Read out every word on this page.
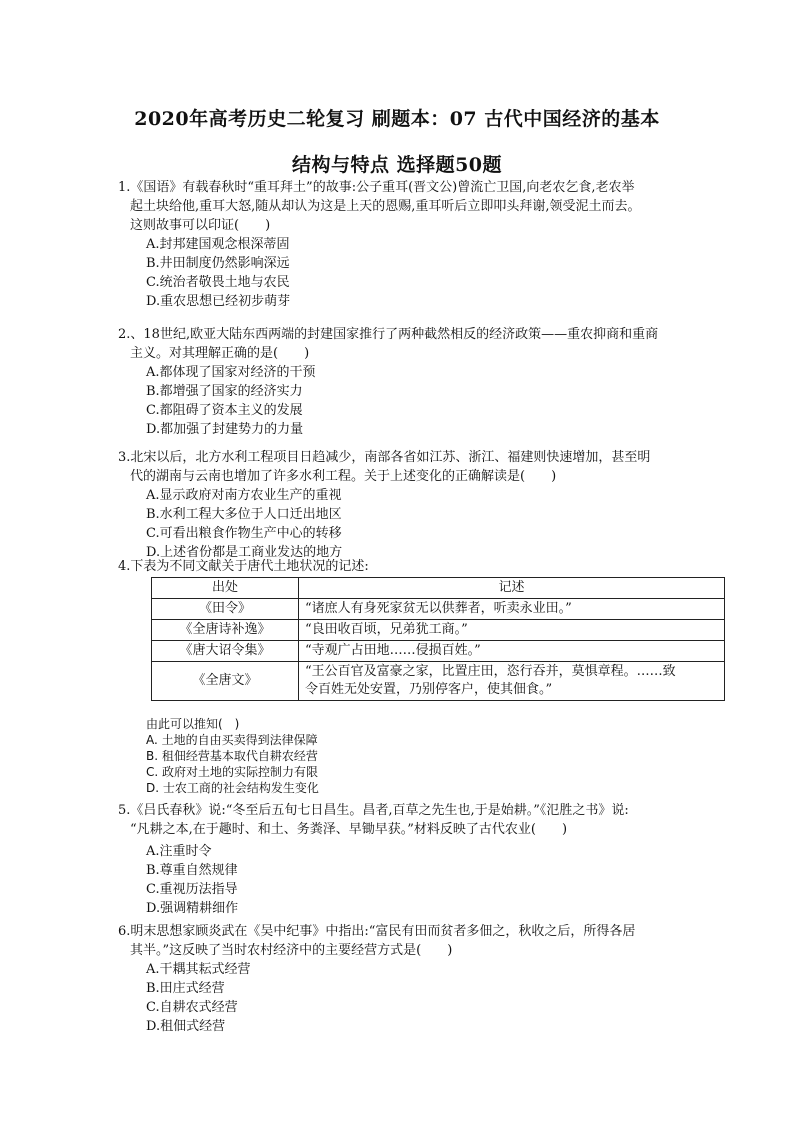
2020年高考历史二轮复习 刷题本：07 古代中国经济的基本
结构与特点 选择题50题

1.《国语》有载春秋时“重耳拜土”的故事:公子重耳(晋文公)曾流亡卫国,向老农乞食,老农举

起土块给他,重耳大怒,随从却认为这是上天的恩赐,重耳听后立即叩头拜谢,领受泥土而去。

这则故事可以印证(　　)

A.封邦建国观念根深蒂固

B.井田制度仍然影响深远

C.统治者敬畏土地与农民

D.重农思想已经初步萌芽

2.、18世纪,欧亚大陆东西两端的封建国家推行了两种截然相反的经济政策——重农抑商和重商

主义。对其理解正确的是(　　)

A.都体现了国家对经济的干预

B.都增强了国家的经济实力

C.都阻碍了资本主义的发展

D.都加强了封建势力的力量

3.北宋以后，北方水利工程项目日趋减少，南部各省如江苏、浙江、福建则快速增加，甚至明

代的湖南与云南也增加了许多水利工程。关于上述变化的正确解读是(　　)

A.显示政府对南方农业生产的重视

B.水利工程大多位于人口迁出地区

C.可看出粮食作物生产中心的转移

D.上述省份都是工商业发达的地方

4.下表为不同文献关于唐代土地状况的记述:
出处	记述
《田令》	“诸庶人有身死家贫无以供葬者，听卖永业田。”
《全唐诗补逸》	“良田收百顷，兄弟犹工商。”
《唐大诏令集》	“寺观广占田地……侵损百姓。”
《全唐文》	“王公百官及富豪之家，比置庄田，恣行吞并，莫惧章程。……致
令百姓无处安置，乃别停客户，使其佃食。”

由此可以推知(　)

A. 土地的自由买卖得到法律保障

B. 租佃经营基本取代自耕农经营

C. 政府对土地的实际控制力有限

D. 士农工商的社会结构发生变化

5.《吕氏春秋》说:“冬至后五旬七日昌生。昌者,百草之先生也,于是始耕。”《氾胜之书》说:

“凡耕之本,在于趣时、和土、务粪泽、早锄早获。”材料反映了古代农业(　　)

A.注重时令

B.尊重自然规律

C.重视历法指导

D.强调精耕细作

6.明末思想家顾炎武在《吴中纪事》中指出:“富民有田而贫者多佃之，秋收之后，所得各居

其半。”这反映了当时农村经济中的主要经营方式是(　　)

A.干耦其耘式经营

B.田庄式经营

C.自耕农式经营

D.租佃式经营
